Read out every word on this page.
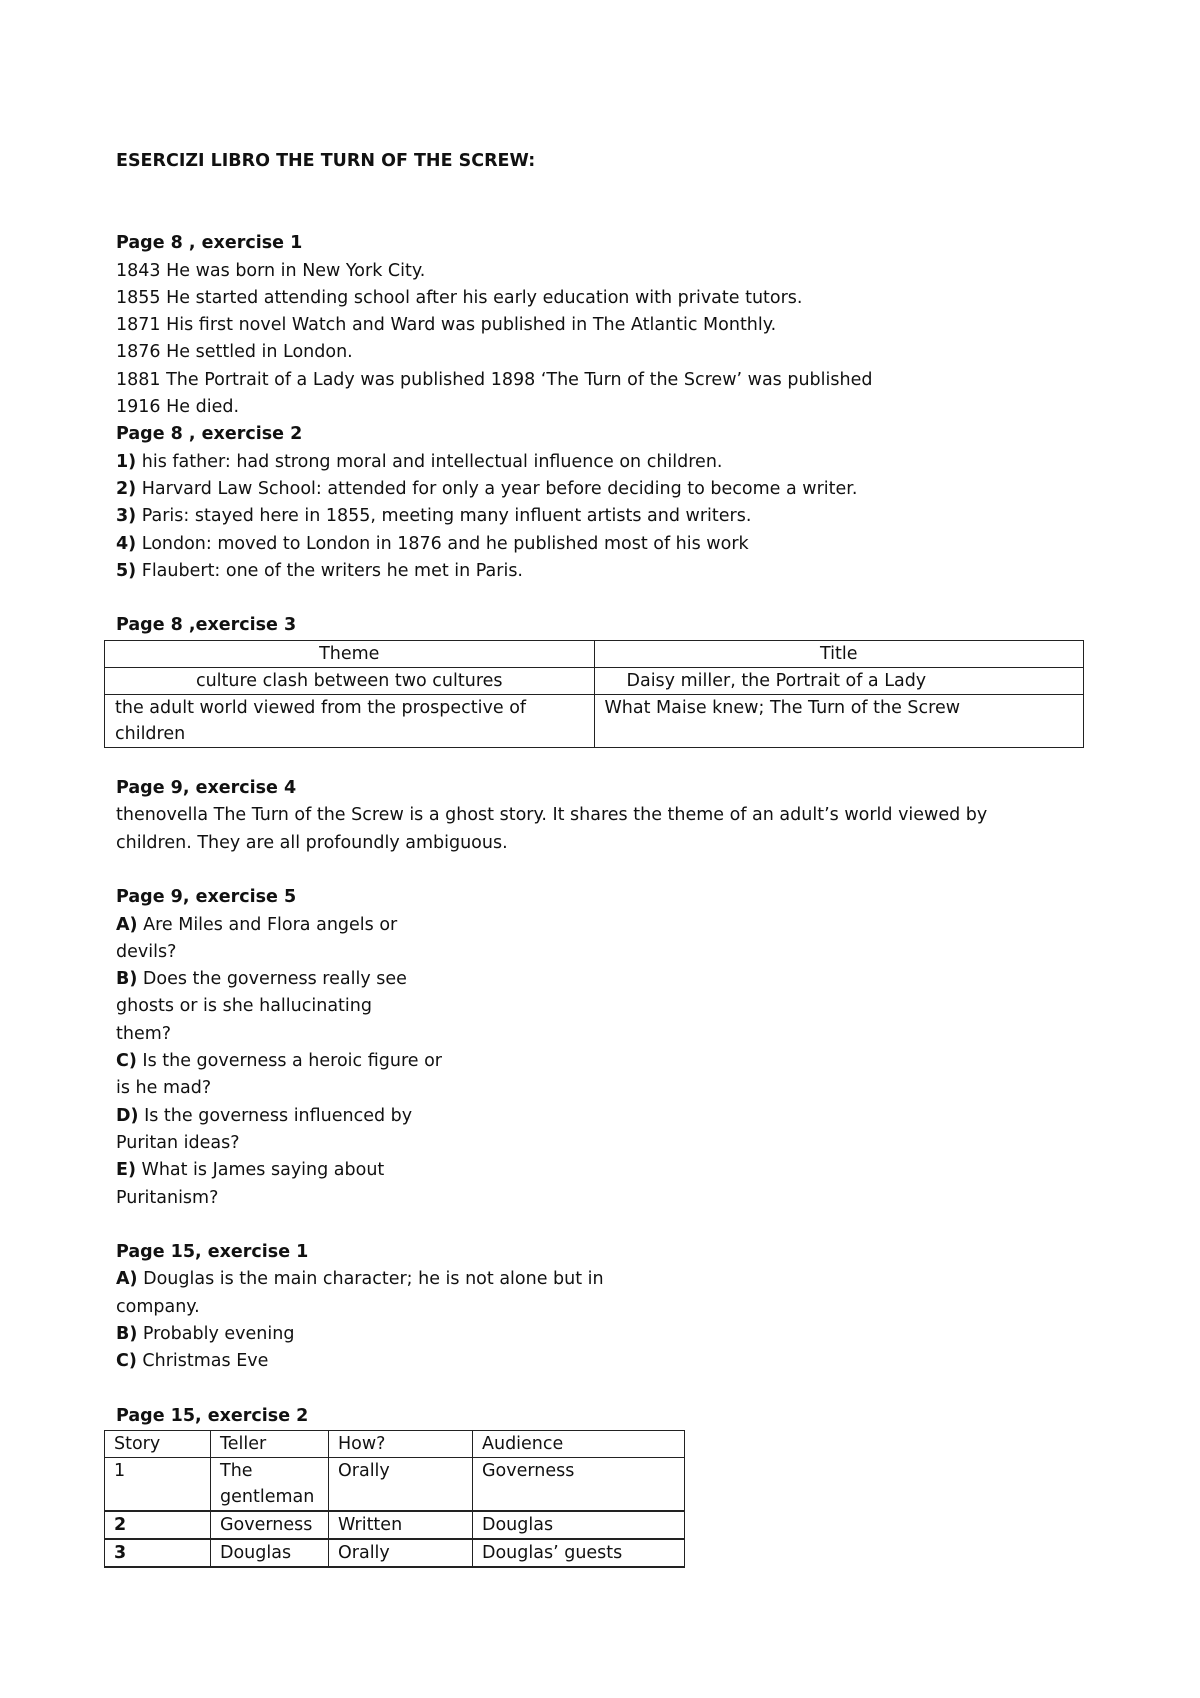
ESERCIZI LIBRO THE TURN OF THE SCREW:

Page 8 , exercise 1

1843 He was born in New York City.

1855 He started attending school after his early education with private tutors.

1871 His first novel Watch and Ward was published in The Atlantic Monthly.

1876 He settled in London.

1881 The Portrait of a Lady was published 1898 ‘The Turn of the Screw’ was published

1916 He died.

Page 8 , exercise 2

1) his father: had strong moral and intellectual influence on children.

2) Harvard Law School: attended for only a year before deciding to become a writer.

3) Paris: stayed here in 1855, meeting many influent artists and writers.

4) London: moved to London in 1876 and he published most of his work

5) Flaubert: one of the writers he met in Paris.

Page 8 ,exercise 3

Theme	Title
culture clash between two cultures	Daisy miller, the Portrait of a Lady
the adult world viewed from the prospective of children	What Maise knew; The Turn of the Screw

Page 9, exercise 4

thenovella The Turn of the Screw is a ghost story. It shares the theme of an adult’s world viewed by

children. They are all profoundly ambiguous.

Page 9, exercise 5

A) Are Miles and Flora angels or

devils?

B) Does the governess really see

ghosts or is she hallucinating

them?

C) Is the governess a heroic figure or

is he mad?

D) Is the governess influenced by

Puritan ideas?

E) What is James saying about

Puritanism?

Page 15, exercise 1

A) Douglas is the main character; he is not alone but in

company.

B) Probably evening

C) Christmas Eve

Page 15, exercise 2

Story	Teller	How?	Audience
1	The gentleman	Orally	Governess
2	Governess	Written	Douglas
3	Douglas	Orally	Douglas’ guests
